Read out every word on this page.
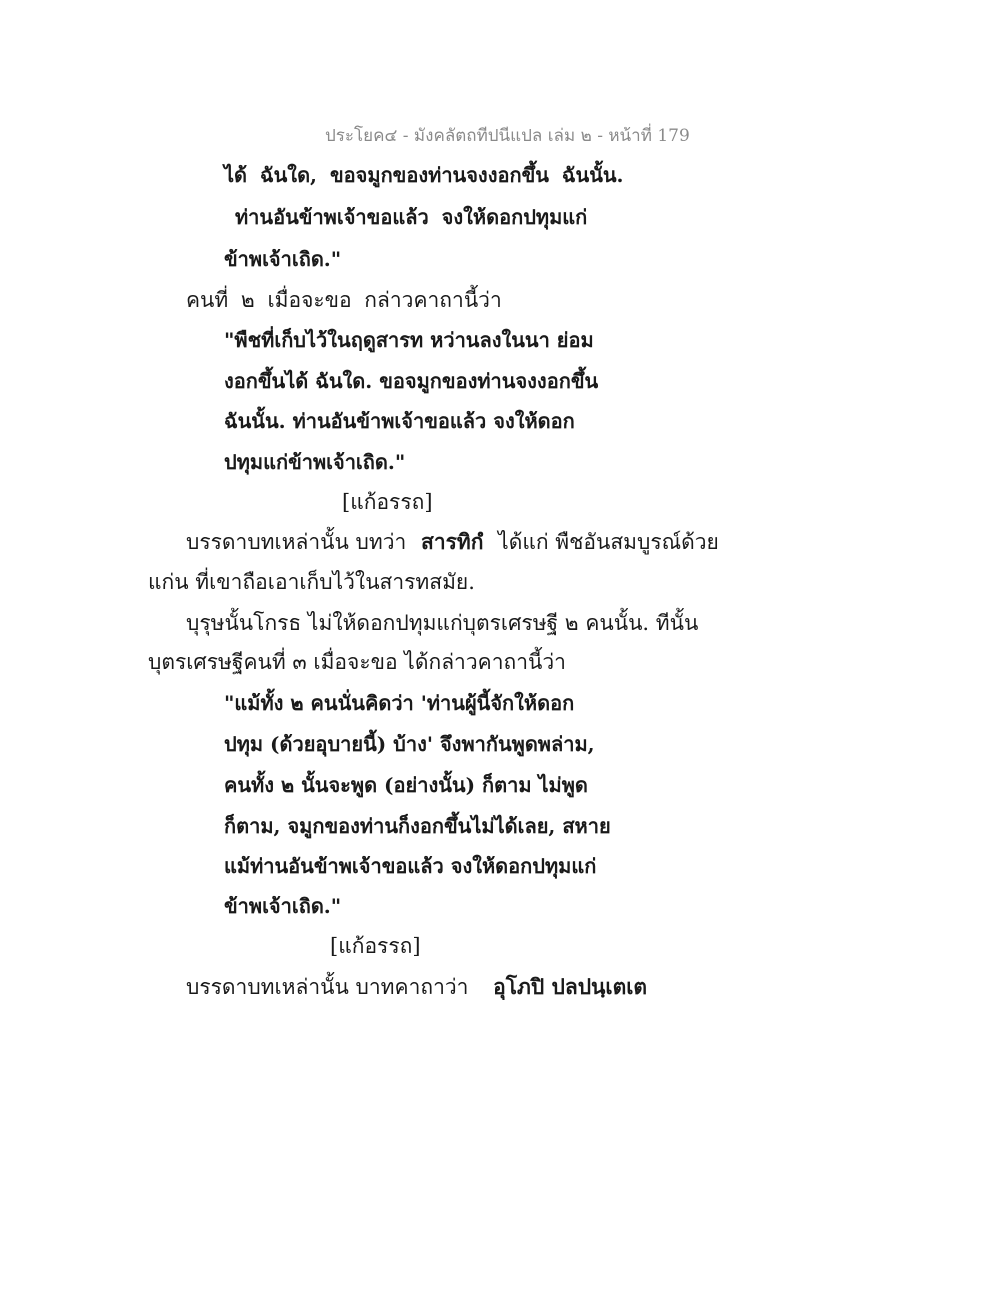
ประโยค๔ - มังคลัตถทีปนีแปล เล่ม ๒ - หน้าที่ 179
ได้ ฉันใด, ขอจมูกของท่านจงงอกขึ้น ฉันนั้น.
ท่านอันข้าพเจ้าขอแล้ว จงให้ดอกปทุมแก่
ข้าพเจ้าเถิด."
คนที่ ๒ เมื่อจะขอ กล่าวคาถานี้ว่า
"พืชที่เก็บไว้ในฤดูสารท หว่านลงในนา ย่อม
งอกขึ้นได้ ฉันใด. ขอจมูกของท่านจงงอกขึ้น
ฉันนั้น. ท่านอันข้าพเจ้าขอแล้ว จงให้ดอก
ปทุมแก่ข้าพเจ้าเถิด."
[แก้อรรถ]
บรรดาบทเหล่านั้น บทว่า สารทิกํ ได้แก่ พืชอันสมบูรณ์ด้วย
แก่น ที่เขาถือเอาเก็บไว้ในสารทสมัย.
บุรุษนั้นโกรธ ไม่ให้ดอกปทุมแก่บุตรเศรษฐี ๒ คนนั้น. ทีนั้น
บุตรเศรษฐีคนที่ ๓ เมื่อจะขอ ได้กล่าวคาถานี้ว่า
"แม้ทั้ง ๒ คนนั่นคิดว่า 'ท่านผู้นี้จักให้ดอก
ปทุม (ด้วยอุบายนี้) บ้าง' จึงพากันพูดพล่าม,
คนทั้ง ๒ นั้นจะพูด (อย่างนั้น) ก็ตาม ไม่พูด
ก็ตาม, จมูกของท่านก็งอกขึ้นไม่ได้เลย, สหาย
แม้ท่านอันข้าพเจ้าขอแล้ว จงให้ดอกปทุมแก่
ข้าพเจ้าเถิด."
[แก้อรรถ]
บรรดาบทเหล่านั้น บาทคาถาว่า อุโภปิ ปลปนฺเตเต
